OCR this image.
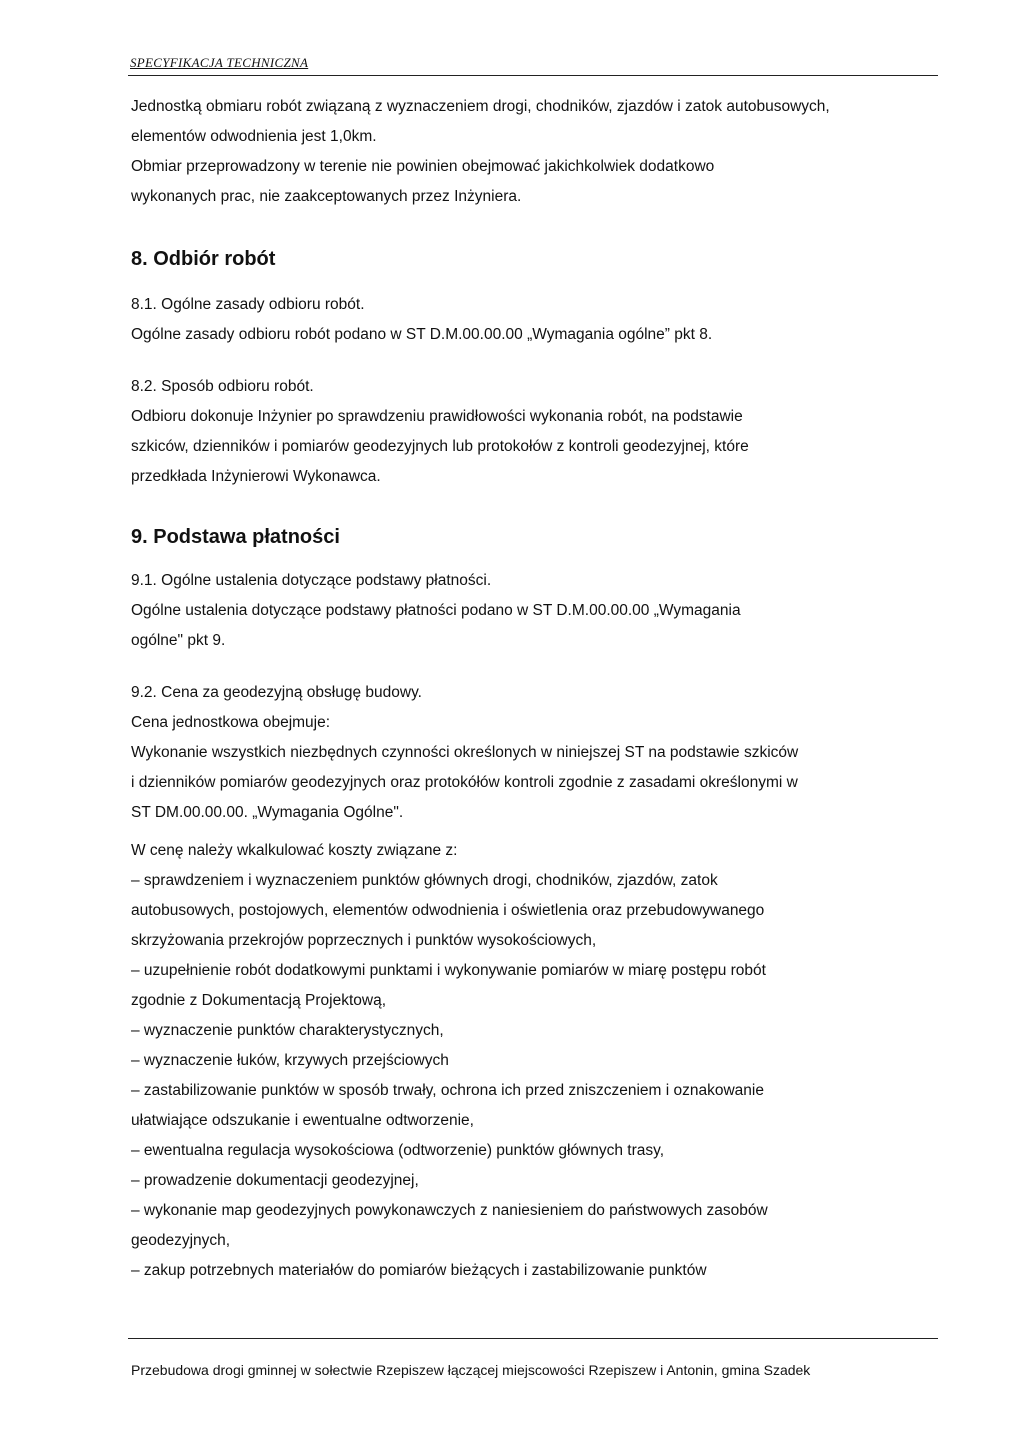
SPECYFIKACJA TECHNICZNA
Jednostką obmiaru robót związaną z wyznaczeniem drogi, chodników, zjazdów i zatok autobusowych,
elementów odwodnienia jest 1,0km.
Obmiar przeprowadzony w terenie nie powinien obejmować jakichkolwiek dodatkowo
wykonanych prac, nie zaakceptowanych przez Inżyniera.
8. Odbiór robót
8.1. Ogólne zasady odbioru robót.
Ogólne zasady odbioru robót podano w ST D.M.00.00.00 „Wymagania ogólne” pkt 8.
8.2. Sposób odbioru robót.
Odbioru dokonuje Inżynier po sprawdzeniu prawidłowości wykonania robót, na podstawie
szkiców, dzienników i pomiarów geodezyjnych lub protokołów z kontroli geodezyjnej, które
przedkłada Inżynierowi Wykonawca.
9. Podstawa płatności
9.1. Ogólne ustalenia dotyczące podstawy płatności.
Ogólne ustalenia dotyczące podstawy płatności podano w ST D.M.00.00.00 „Wymagania
ogólne" pkt 9.
9.2. Cena za geodezyjną obsługę budowy.
Cena jednostkowa obejmuje:
Wykonanie wszystkich niezbędnych czynności określonych w niniejszej ST na podstawie szkiców
i dzienników pomiarów geodezyjnych oraz protokółów kontroli zgodnie z zasadami określonymi w
ST DM.00.00.00. „Wymagania Ogólne".
W cenę należy wkalkulować koszty związane z:
– sprawdzeniem i wyznaczeniem punktów głównych drogi, chodników, zjazdów, zatok
autobusowych, postojowych, elementów odwodnienia i oświetlenia oraz przebudowywanego
skrzyżowania przekrojów poprzecznych i punktów wysokościowych,
– uzupełnienie robót dodatkowymi punktami i wykonywanie pomiarów w miarę postępu robót
zgodnie z Dokumentacją Projektową,
– wyznaczenie punktów charakterystycznych,
– wyznaczenie łuków, krzywych przejściowych
– zastabilizowanie punktów w sposób trwały, ochrona ich przed zniszczeniem i oznakowanie
ułatwiające odszukanie i ewentualne odtworzenie,
– ewentualna regulacja wysokościowa (odtworzenie) punktów głównych trasy,
– prowadzenie dokumentacji geodezyjnej,
– wykonanie map geodezyjnych powykonawczych z naniesieniem do państwowych zasobów
geodezyjnych,
– zakup potrzebnych materiałów do pomiarów bieżących i zastabilizowanie punktów
Przebudowa drogi gminnej w sołectwie Rzepiszew łączącej miejscowości Rzepiszew i Antonin, gmina Szadek
